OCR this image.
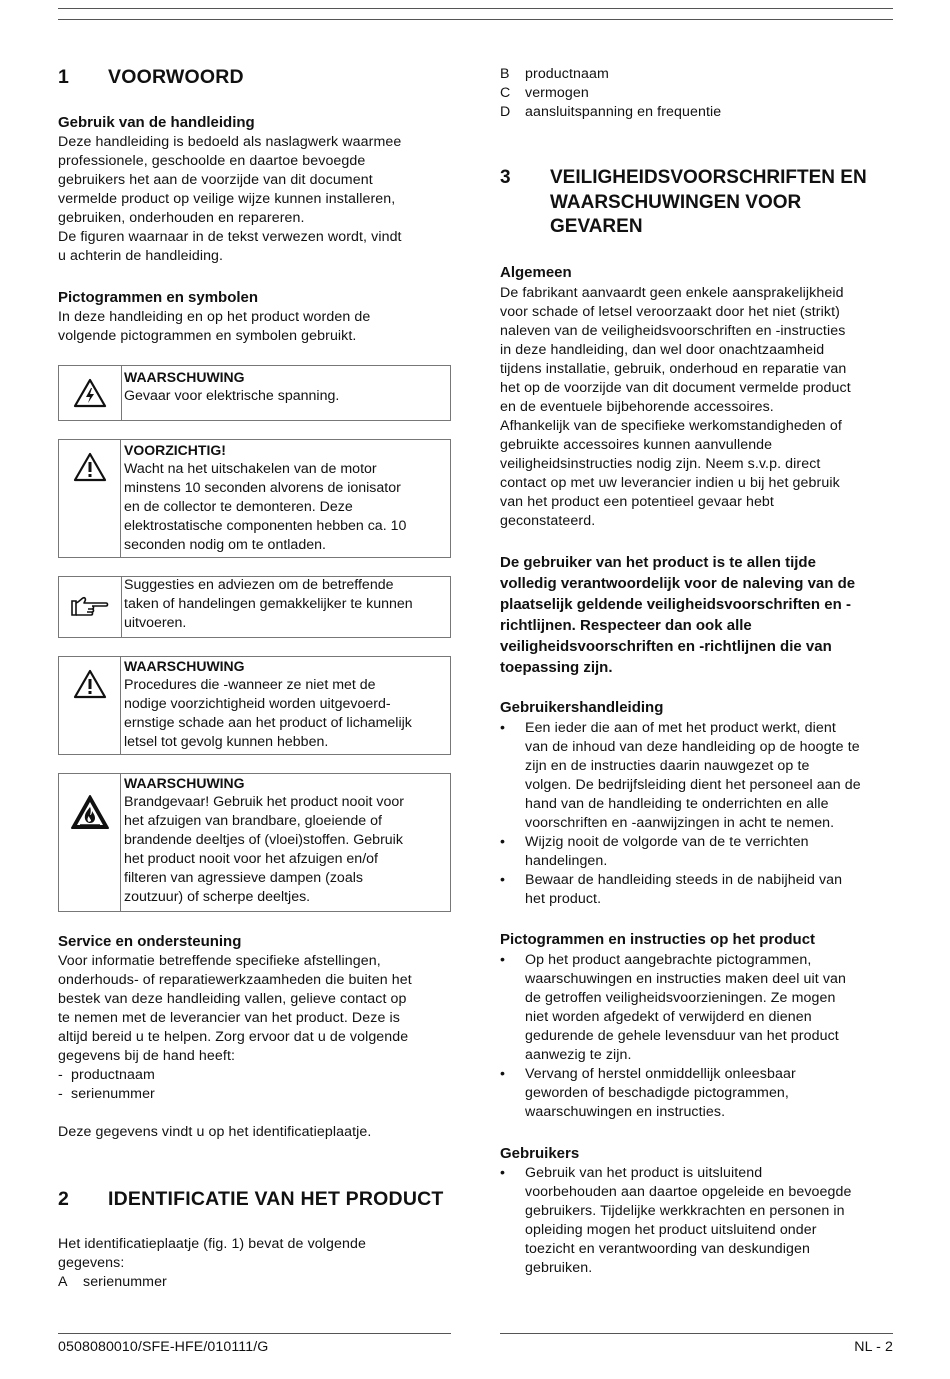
1 VOORWOORD
Gebruik van de handleiding
Deze handleiding is bedoeld als naslagwerk waarmee
professionele, geschoolde en daartoe bevoegde
gebruikers het aan de voorzijde van dit document
vermelde product op veilige wijze kunnen installeren,
gebruiken, onderhouden en repareren.
De figuren waarnaar in de tekst verwezen wordt, vindt
u achterin de handleiding.
Pictogrammen en symbolen
In deze handleiding en op het product worden de
volgende pictogrammen en symbolen gebruikt.
WAARSCHUWING
Gevaar voor elektrische spanning.
VOORZICHTIG!
Wacht na het uitschakelen van de motor
minstens 10 seconden alvorens de ionisator
en de collector te demonteren. Deze
elektrostatische componenten hebben ca. 10
seconden nodig om te ontladen.
Suggesties en adviezen om de betreffende
taken of handelingen gemakkelijker te kunnen
uitvoeren.
WAARSCHUWING
Procedures die -wanneer ze niet met de
nodige voorzichtigheid worden uitgevoerd-
ernstige schade aan het product of lichamelijk
letsel tot gevolg kunnen hebben.
WAARSCHUWING
Brandgevaar! Gebruik het product nooit voor
het afzuigen van brandbare, gloeiende of
brandende deeltjes of (vloei)stoffen. Gebruik
het product nooit voor het afzuigen en/of
filteren van agressieve dampen (zoals
zoutzuur) of scherpe deeltjes.
Service en ondersteuning
Voor informatie betreffende specifieke afstellingen,
onderhouds- of reparatiewerkzaamheden die buiten het
bestek van deze handleiding vallen, gelieve contact op
te nemen met de leverancier van het product. Deze is
altijd bereid u te helpen. Zorg ervoor dat u de volgende
gegevens bij de hand heeft:
- productnaam
- serienummer
Deze gegevens vindt u op het identificatieplaatje.
2 IDENTIFICATIE VAN HET PRODUCT
Het identificatieplaatje (fig. 1) bevat de volgende
gegevens:
A serienummer
B productnaam
C vermogen
D aansluitspanning en frequentie
3 VEILIGHEIDSVOORSCHRIFTEN EN
WAARSCHUWINGEN VOOR
GEVAREN
Algemeen
De fabrikant aanvaardt geen enkele aansprakelijkheid
voor schade of letsel veroorzaakt door het niet (strikt)
naleven van de veiligheidsvoorschriften en -instructies
in deze handleiding, dan wel door onachtzaamheid
tijdens installatie, gebruik, onderhoud en reparatie van
het op de voorzijde van dit document vermelde product
en de eventuele bijbehorende accessoires.
Afhankelijk van de specifieke werkomstandigheden of
gebruikte accessoires kunnen aanvullende
veiligheidsinstructies nodig zijn. Neem s.v.p. direct
contact op met uw leverancier indien u bij het gebruik
van het product een potentieel gevaar hebt
geconstateerd.
De gebruiker van het product is te allen tijde
volledig verantwoordelijk voor de naleving van de
plaatselijk geldende veiligheidsvoorschriften en -
richtlijnen. Respecteer dan ook alle
veiligheidsvoorschriften en -richtlijnen die van
toepassing zijn.
Gebruikershandleiding
• Een ieder die aan of met het product werkt, dient
van de inhoud van deze handleiding op de hoogte te
zijn en de instructies daarin nauwgezet op te
volgen. De bedrijfsleiding dient het personeel aan de
hand van de handleiding te onderrichten en alle
voorschriften en -aanwijzingen in acht te nemen.
• Wijzig nooit de volgorde van de te verrichten
handelingen.
• Bewaar de handleiding steeds in de nabijheid van
het product.
Pictogrammen en instructies op het product
• Op het product aangebrachte pictogrammen,
waarschuwingen en instructies maken deel uit van
de getroffen veiligheidsvoorzieningen. Ze mogen
niet worden afgedekt of verwijderd en dienen
gedurende de gehele levensduur van het product
aanwezig te zijn.
• Vervang of herstel onmiddellijk onleesbaar
geworden of beschadigde pictogrammen,
waarschuwingen en instructies.
Gebruikers
• Gebruik van het product is uitsluitend
voorbehouden aan daartoe opgeleide en bevoegde
gebruikers. Tijdelijke werkkrachten en personen in
opleiding mogen het product uitsluitend onder
toezicht en verantwoording van deskundigen
gebruiken.
0508080010/SFE-HFE/010111/G	NL - 2
